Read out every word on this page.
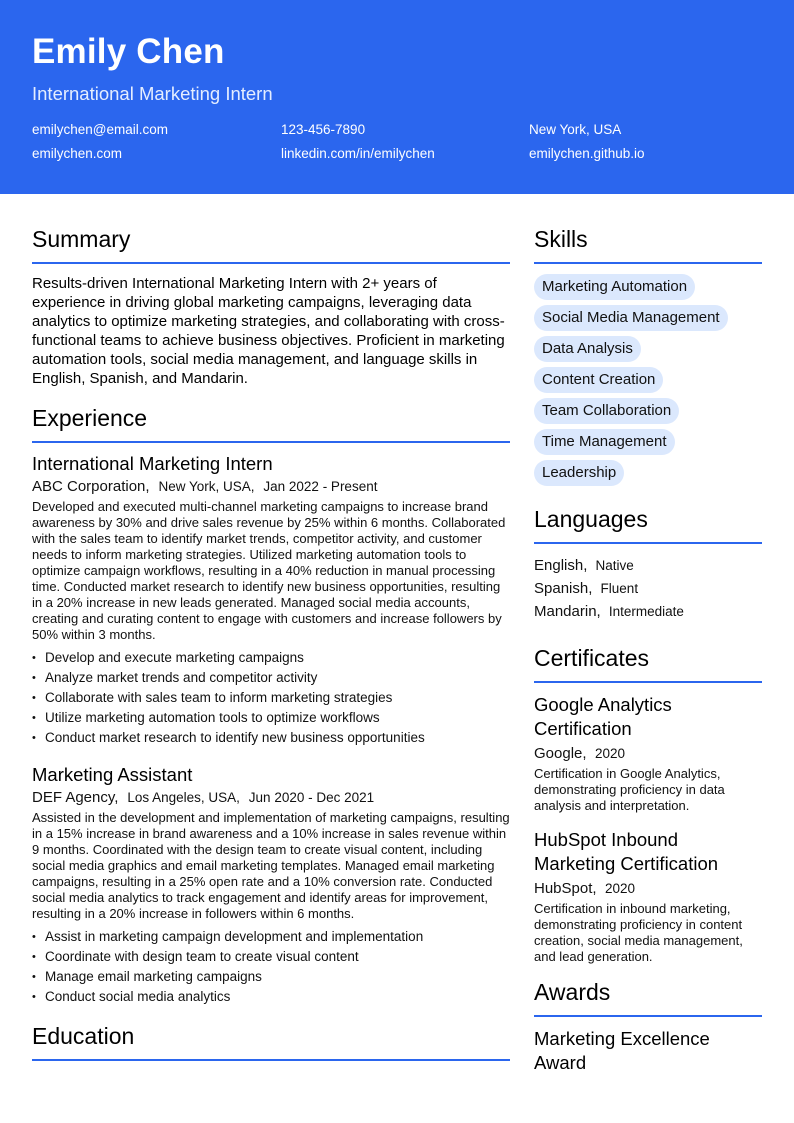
Emily Chen
International Marketing Intern
emilychen@email.com	123-456-7890	New York, USA
emilychen.com	linkedin.com/in/emilychen	emilychen.github.io
Summary
Results-driven International Marketing Intern with 2+ years of experience in driving global marketing campaigns, leveraging data analytics to optimize marketing strategies, and collaborating with cross-functional teams to achieve business objectives. Proficient in marketing automation tools, social media management, and language skills in English, Spanish, and Mandarin.
Experience
International Marketing Intern
ABC Corporation, New York, USA, Jan 2022 - Present
Developed and executed multi-channel marketing campaigns to increase brand awareness by 30% and drive sales revenue by 25% within 6 months. Collaborated with the sales team to identify market trends, competitor activity, and customer needs to inform marketing strategies. Utilized marketing automation tools to optimize campaign workflows, resulting in a 40% reduction in manual processing time. Conducted market research to identify new business opportunities, resulting in a 20% increase in new leads generated. Managed social media accounts, creating and curating content to engage with customers and increase followers by 50% within 3 months.
• Develop and execute marketing campaigns
• Analyze market trends and competitor activity
• Collaborate with sales team to inform marketing strategies
• Utilize marketing automation tools to optimize workflows
• Conduct market research to identify new business opportunities
Marketing Assistant
DEF Agency, Los Angeles, USA, Jun 2020 - Dec 2021
Assisted in the development and implementation of marketing campaigns, resulting in a 15% increase in brand awareness and a 10% increase in sales revenue within 9 months. Coordinated with the design team to create visual content, including social media graphics and email marketing templates. Managed email marketing campaigns, resulting in a 25% open rate and a 10% conversion rate. Conducted social media analytics to track engagement and identify areas for improvement, resulting in a 20% increase in followers within 6 months.
• Assist in marketing campaign development and implementation
• Coordinate with design team to create visual content
• Manage email marketing campaigns
• Conduct social media analytics
Education
Skills
Marketing Automation
Social Media Management
Data Analysis
Content Creation
Team Collaboration
Time Management
Leadership
Languages
English, Native
Spanish, Fluent
Mandarin, Intermediate
Certificates
Google Analytics Certification
Google, 2020
Certification in Google Analytics, demonstrating proficiency in data analysis and interpretation.
HubSpot Inbound Marketing Certification
HubSpot, 2020
Certification in inbound marketing, demonstrating proficiency in content creation, social media management, and lead generation.
Awards
Marketing Excellence Award
